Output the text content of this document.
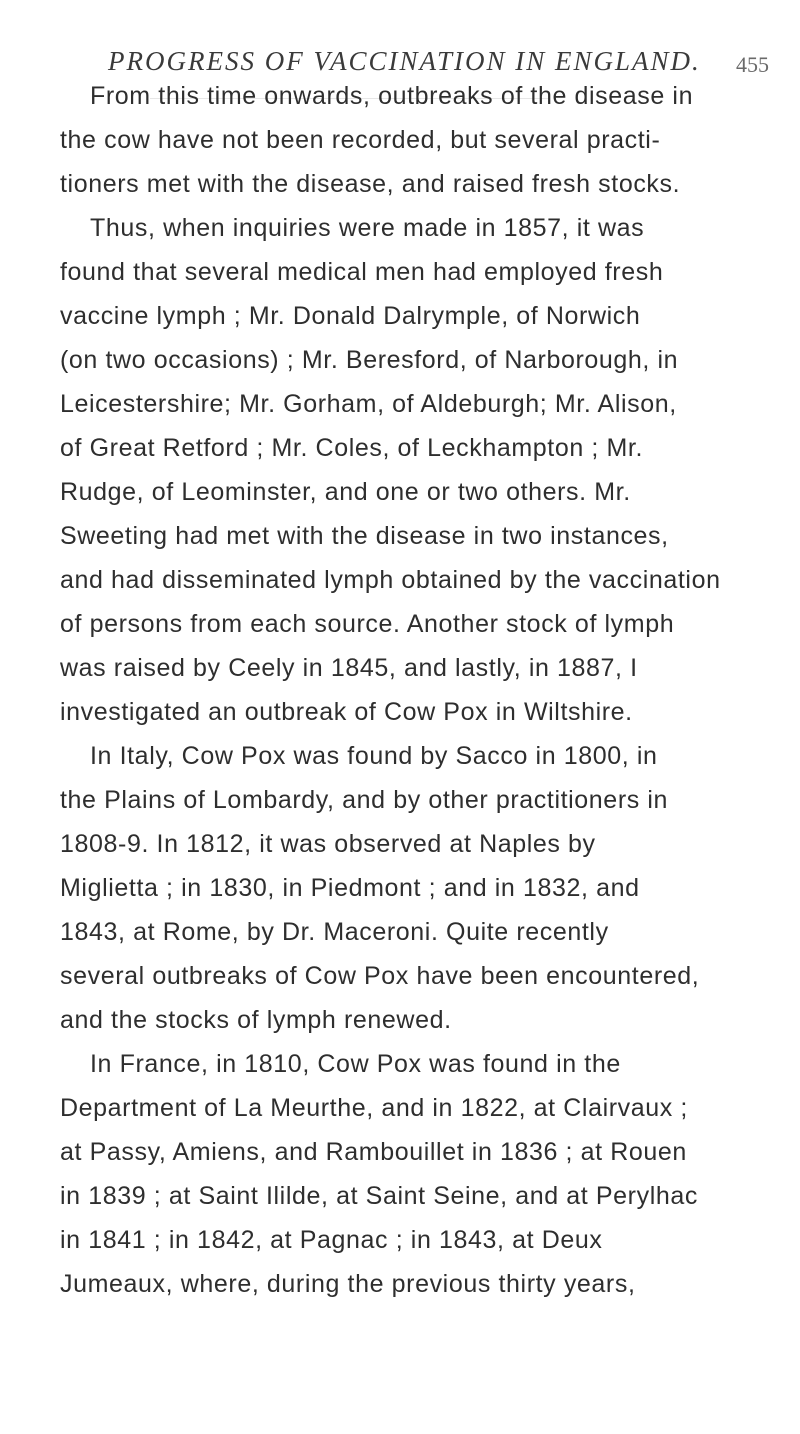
PROGRESS OF VACCINATION IN ENGLAND. 455
From this time onwards, outbreaks of the disease in
the cow have not been recorded, but several practi-
tioners met with the disease, and raised fresh stocks.
Thus, when inquiries were made in 1857, it was
found that several medical men had employed fresh
vaccine lymph ; Mr. Donald Dalrymple, of Norwich
(on two occasions) ; Mr. Beresford, of Narborough, in
Leicestershire; Mr. Gorham, of Aldeburgh; Mr. Alison,
of Great Retford ; Mr. Coles, of Leckhampton ; Mr.
Rudge, of Leominster, and one or two others. Mr.
Sweeting had met with the disease in two instances,
and had disseminated lymph obtained by the vaccination
of persons from each source. Another stock of lymph
was raised by Ceely in 1845, and lastly, in 1887, I
investigated an outbreak of Cow Pox in Wiltshire.
In Italy, Cow Pox was found by Sacco in 1800, in
the Plains of Lombardy, and by other practitioners in
1808-9. In 1812, it was observed at Naples by
Miglietta ; in 1830, in Piedmont ; and in 1832, and
1843, at Rome, by Dr. Maceroni. Quite recently
several outbreaks of Cow Pox have been encountered,
and the stocks of lymph renewed.
In France, in 1810, Cow Pox was found in the
Department of La Meurthe, and in 1822, at Clairvaux ;
at Passy, Amiens, and Rambouillet in 1836 ; at Rouen
in 1839 ; at Saint Ililde, at Saint Seine, and at Perylhac
in 1841 ; in 1842, at Pagnac ; in 1843, at Deux
Jumeaux, where, during the previous thirty years,
